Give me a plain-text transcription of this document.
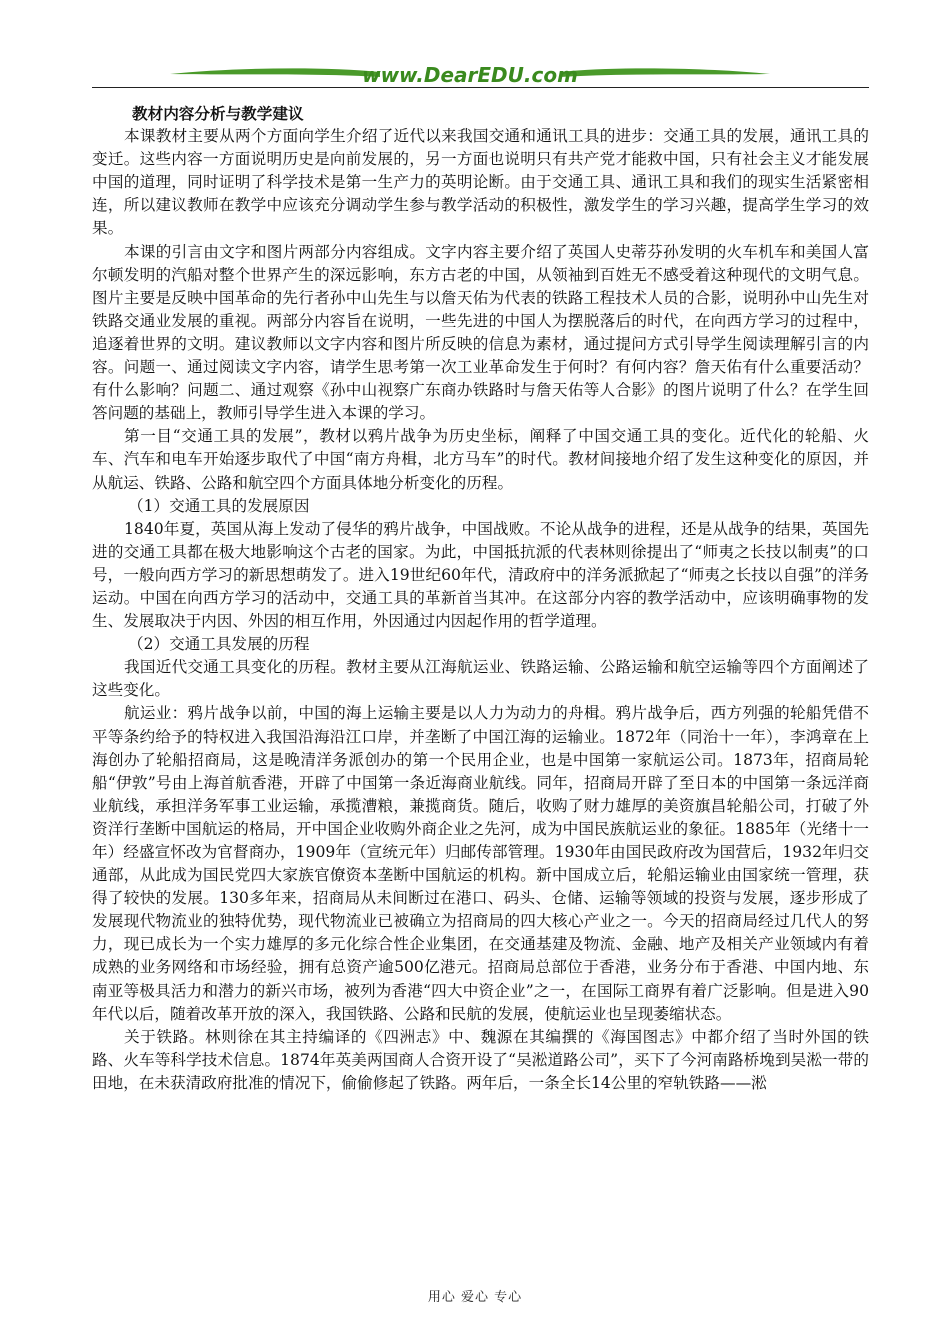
www.DearEDU.com
教材内容分析与教学建议

本课教材主要从两个方面向学生介绍了近代以来我国交通和通讯工具的进步：交通工具的发展，通讯工具的变迁。这些内容一方面说明历史是向前发展的，另一方面也说明只有共产党才能救中国，只有社会主义才能发展中国的道理，同时证明了科学技术是第一生产力的英明论断。由于交通工具、通讯工具和我们的现实生活紧密相连，所以建议教师在教学中应该充分调动学生参与教学活动的积极性，激发学生的学习兴趣，提高学生学习的效果。

本课的引言由文字和图片两部分内容组成。文字内容主要介绍了英国人史蒂芬孙发明的火车机车和美国人富尔顿发明的汽船对整个世界产生的深远影响，东方古老的中国，从领袖到百姓无不感受着这种现代的文明气息。图片主要是反映中国革命的先行者孙中山先生与以詹天佑为代表的铁路工程技术人员的合影，说明孙中山先生对铁路交通业发展的重视。两部分内容旨在说明，一些先进的中国人为摆脱落后的时代，在向西方学习的过程中，追逐着世界的文明。建议教师以文字内容和图片所反映的信息为素材，通过提问方式引导学生阅读理解引言的内容。问题一、通过阅读文字内容，请学生思考第一次工业革命发生于何时？有何内容？詹天佑有什么重要活动？有什么影响？问题二、通过观察《孙中山视察广东商办铁路时与詹天佑等人合影》的图片说明了什么？在学生回答问题的基础上，教师引导学生进入本课的学习。

第一目“交通工具的发展”，教材以鸦片战争为历史坐标，阐释了中国交通工具的变化。近代化的轮船、火车、汽车和电车开始逐步取代了中国“南方舟楫，北方马车”的时代。教材间接地介绍了发生这种变化的原因，并从航运、铁路、公路和航空四个方面具体地分析变化的历程。

（1）交通工具的发展原因

1840年夏，英国从海上发动了侵华的鸦片战争，中国战败。不论从战争的进程，还是从战争的结果，英国先进的交通工具都在极大地影响这个古老的国家。为此，中国抵抗派的代表林则徐提出了“师夷之长技以制夷”的口号，一般向西方学习的新思想萌发了。进入19世纪60年代，清政府中的洋务派掀起了“师夷之长技以自强”的洋务运动。中国在向西方学习的活动中，交通工具的革新首当其冲。在这部分内容的教学活动中，应该明确事物的发生、发展取决于内因、外因的相互作用，外因通过内因起作用的哲学道理。

（2）交通工具发展的历程

我国近代交通工具变化的历程。教材主要从江海航运业、铁路运输、公路运输和航空运输等四个方面阐述了这些变化。

航运业：鸦片战争以前，中国的海上运输主要是以人力为动力的舟楫。鸦片战争后，西方列强的轮船凭借不平等条约给予的特权进入我国沿海沿江口岸，并垄断了中国江海的运输业。1872年（同治十一年），李鸿章在上海创办了轮船招商局，这是晚清洋务派创办的第一个民用企业，也是中国第一家航运公司。1873年，招商局轮船“伊敦”号由上海首航香港，开辟了中国第一条近海商业航线。同年，招商局开辟了至日本的中国第一条远洋商业航线，承担洋务军事工业运输，承揽漕粮，兼揽商货。随后，收购了财力雄厚的美资旗昌轮船公司，打破了外资洋行垄断中国航运的格局，开中国企业收购外商企业之先河，成为中国民族航运业的象征。1885年（光绪十一年）经盛宣怀改为官督商办，1909年（宣统元年）归邮传部管理。1930年由国民政府改为国营后，1932年归交通部，从此成为国民党四大家族官僚资本垄断中国航运的机构。新中国成立后，轮船运输业由国家统一管理，获得了较快的发展。130多年来，招商局从未间断过在港口、码头、仓储、运输等领域的投资与发展，逐步形成了发展现代物流业的独特优势，现代物流业已被确立为招商局的四大核心产业之一。今天的招商局经过几代人的努力，现已成长为一个实力雄厚的多元化综合性企业集团，在交通基建及物流、金融、地产及相关产业领域内有着成熟的业务网络和市场经验，拥有总资产逾500亿港元。招商局总部位于香港，业务分布于香港、中国内地、东南亚等极具活力和潜力的新兴市场，被列为香港“四大中资企业”之一，在国际工商界有着广泛影响。但是进入90年代以后，随着改革开放的深入，我国铁路、公路和民航的发展，使航运业也呈现萎缩状态。

关于铁路。林则徐在其主持编译的《四洲志》中、魏源在其编撰的《海国图志》中都介绍了当时外国的铁路、火车等科学技术信息。1874年英美两国商人合资开设了“吴淞道路公司”，买下了今河南路桥堍到吴淞一带的田地，在未获清政府批准的情况下，偷偷修起了铁路。两年后，一条全长14公里的窄轨铁路——淞

用心 爱心 专心
